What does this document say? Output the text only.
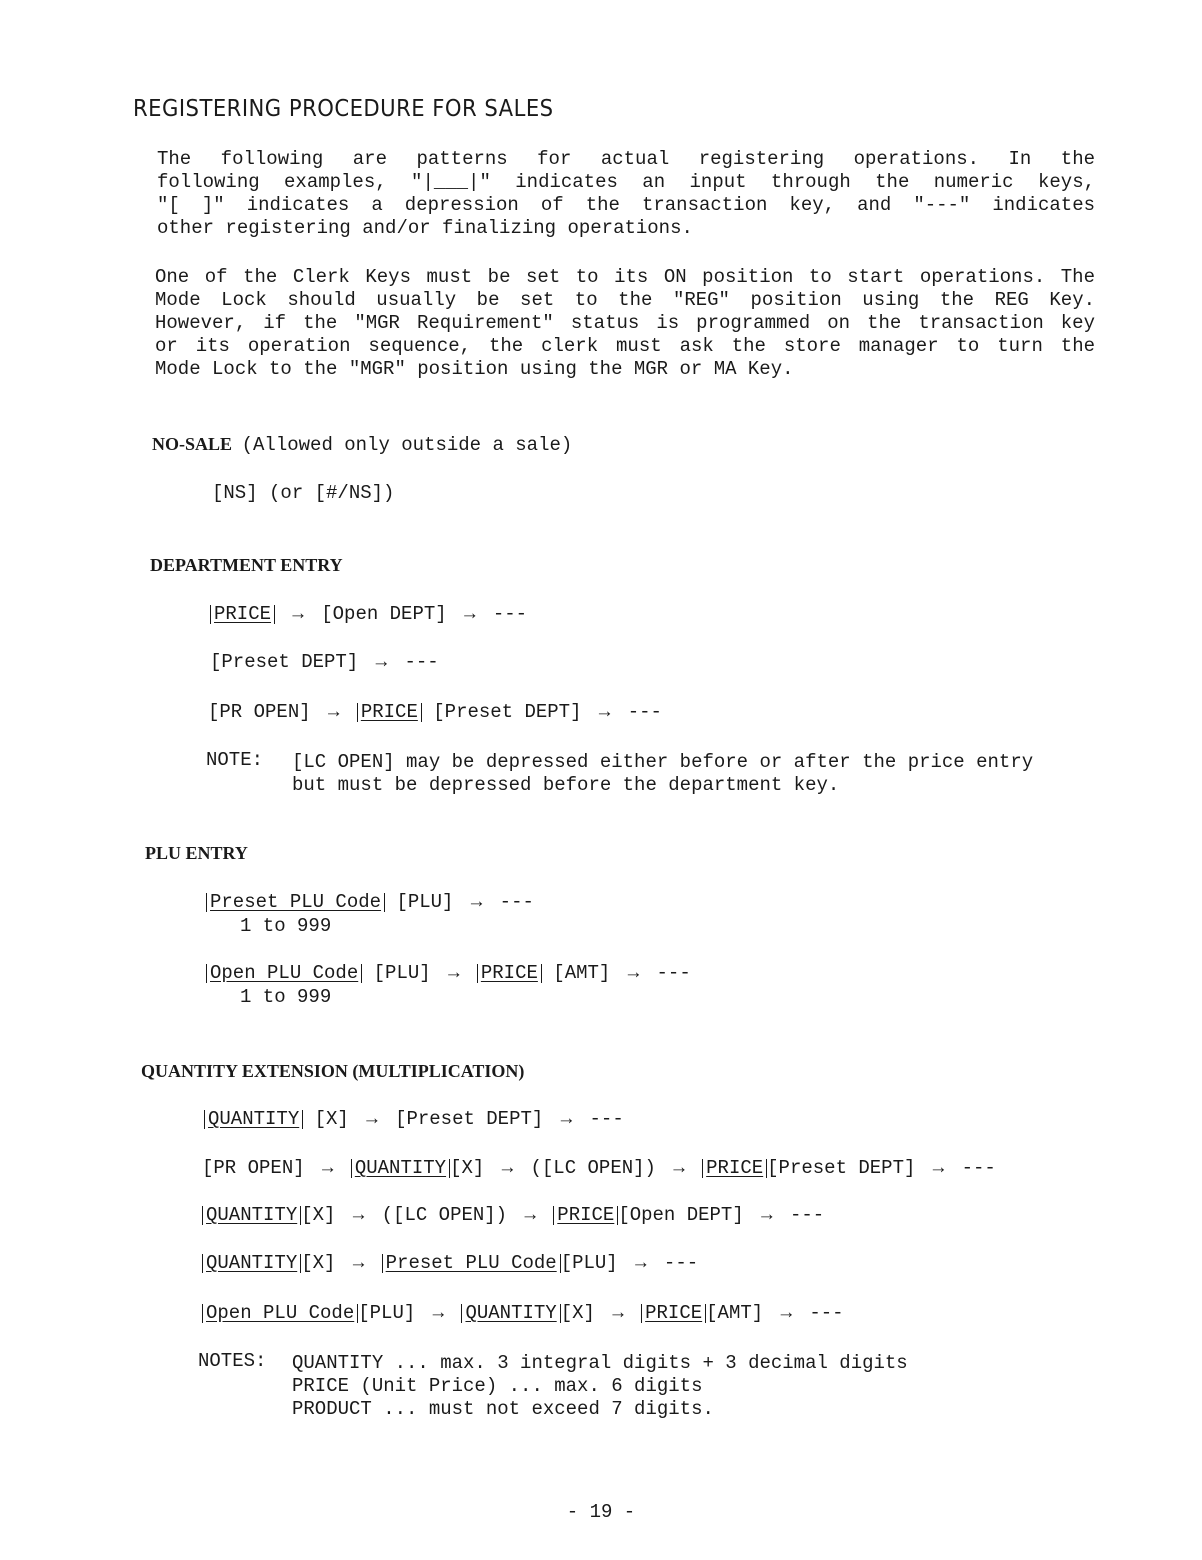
REGISTERING PROCEDURE FOR SALES
The following are patterns for actual registering operations. In the
following examples, "|___|" indicates an input through the numeric keys,
"[ ]" indicates a depression of the transaction key, and "---" indicates
other registering and/or finalizing operations.
One of the Clerk Keys must be set to its ON position to start operations. The
Mode Lock should usually be set to the "REG" position using the REG Key.
However, if the "MGR Requirement" status is programmed on the transaction key
or its operation sequence, the clerk must ask the store manager to turn the
Mode Lock to the "MGR" position using the MGR or MA Key.
NO-SALE (Allowed only outside a sale)
[NS] (or [#/NS])
DEPARTMENT ENTRY
PRICE → [Open DEPT] → ---
[Preset DEPT] → ---
[PR OPEN] → PRICE [Preset DEPT] → ---
NOTE: [LC OPEN] may be depressed either before or after the price entry
but must be depressed before the department key.
PLU ENTRY
Preset PLU Code [PLU] → ---
1 to 999
Open PLU Code [PLU] → PRICE [AMT] → ---
1 to 999
QUANTITY EXTENSION (MULTIPLICATION)
QUANTITY [X] → [Preset DEPT] → ---
[PR OPEN] → QUANTITY [X] → ([LC OPEN]) → PRICE [Preset DEPT] → ---
QUANTITY [X] → ([LC OPEN]) → PRICE [Open DEPT] → ---
QUANTITY [X] → Preset PLU Code [PLU] → ---
Open PLU Code [PLU] → QUANTITY [X] → PRICE [AMT] → ---
NOTES: QUANTITY ... max. 3 integral digits + 3 decimal digits
PRICE (Unit Price) ... max. 6 digits
PRODUCT ... must not exceed 7 digits.
- 19 -
